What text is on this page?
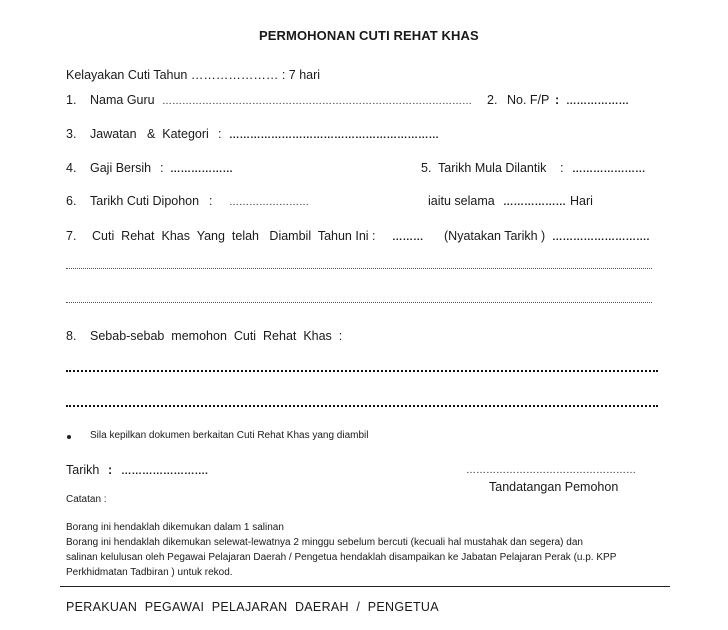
PERMOHONAN CUTI REHAT KHAS
Kelayakan Cuti Tahun ………………… : 7 hari
1. Nama Guru ………………………………………………………………………………… 2. No. F/P : ………………
3. Jawatan   &  Kategori : ……………………………………………………
4. Gaji Bersih : ………………	5. Tarikh Mula Dilantik : …………………
6. Tarikh Cuti Dipohon : ……………………	iaitu selama ……………… Hari
7. Cuti  Rehat  Khas  Yang  telah   Diambil  Tahun Ini : ……… (Nyatakan Tarikh ) ……………………….
8. Sebab-sebab  memohon  Cuti  Rehat  Khas  :
Sila kepilkan dokumen berkaitan Cuti Rehat Khas yang diambil
Tarikh : …………………….	……………………………………………
Tandatangan Pemohon
Catatan :
Borang ini hendaklah dikemukan dalam 1 salinan
Borang ini hendaklah dikemukan selewat-lewatnya 2 minggu sebelum bercuti (kecuali hal mustahak dan segera) dan
salinan kelulusan oleh Pegawai Pelajaran Daerah / Pengetua hendaklah disampaikan ke Jabatan Pelajaran Perak (u.p. KPP
Perkhidmatan Tadbiran ) untuk rekod.
PERAKUAN  PEGAWAI  PELAJARAN  DAERAH  /  PENGETUA
